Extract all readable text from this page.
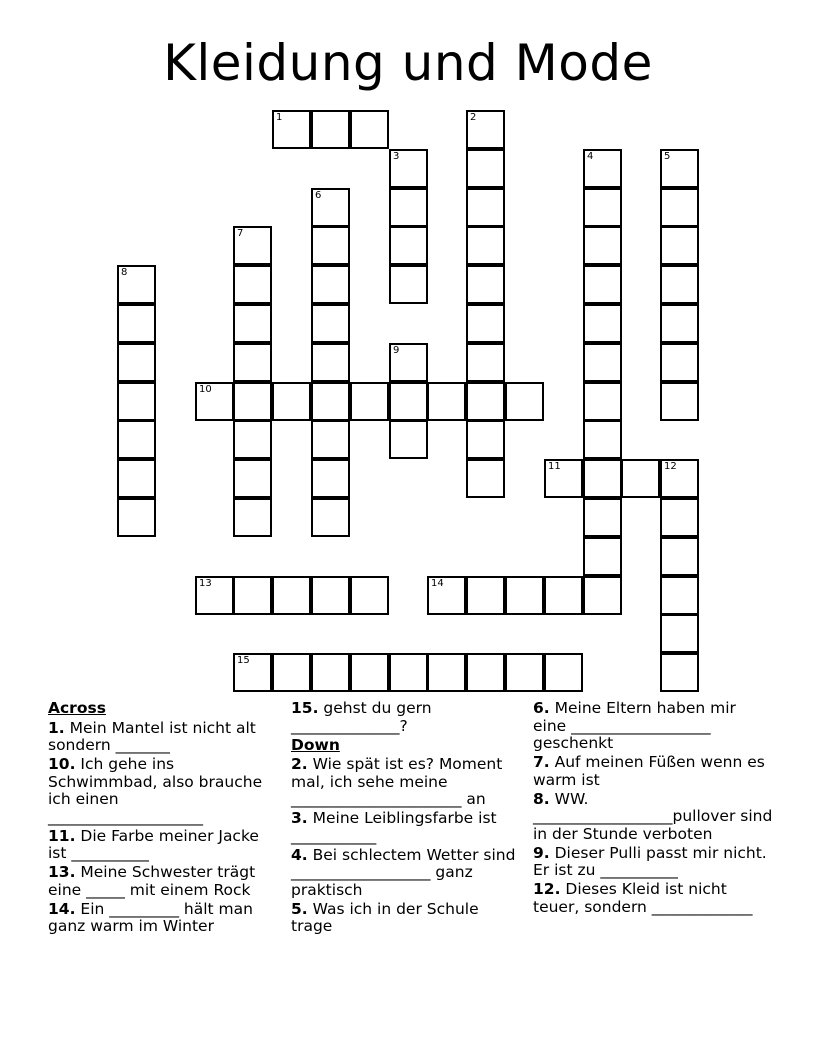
Kleidung und Mode
1
10
11	12
13	14
15
2
3	4	5
6
7
8
9
Across
1. Mein Mantel ist nicht alt sondern _______
10. Ich gehe ins Schwimmbad, also brauche ich einen ____________________
11. Die Farbe meiner Jacke ist __________
13. Meine Schwester trägt eine _____ mit einem Rock
14. Ein _________ hält man ganz warm im Winter
15. gehst du gern ______________?
Down
2. Wie spät ist es? Moment mal, ich sehe meine ______________________ an
3. Meine Leiblingsfarbe ist ___________
4. Bei schlectem Wetter sind __________________ ganz praktisch
5. Was ich in der Schule trage
6. Meine Eltern haben mir eine __________________ geschenkt
7. Auf meinen Füßen wenn es warm ist
8. WW. __________________pullover sind in der Stunde verboten
9. Dieser Pulli passt mir nicht. Er ist zu __________
12. Dieses Kleid ist nicht teuer, sondern _____________
